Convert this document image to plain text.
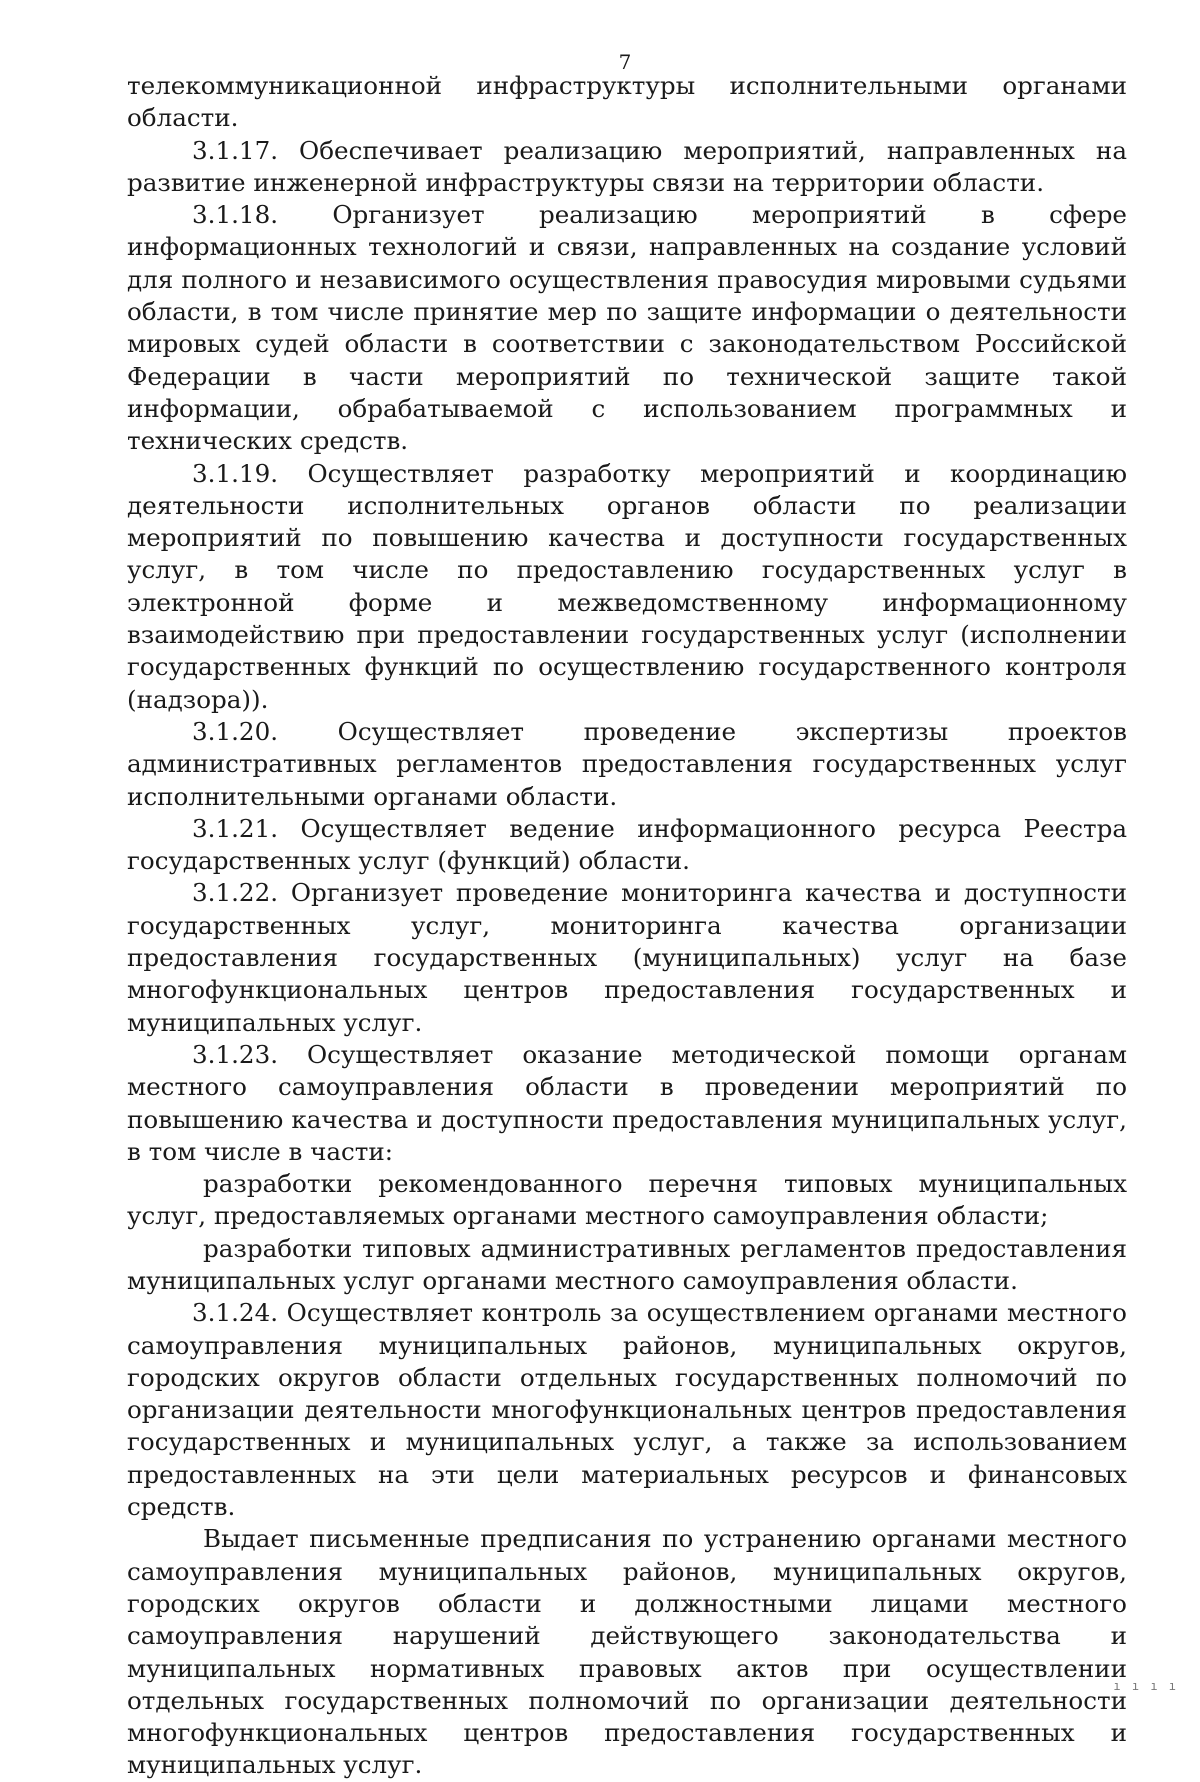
7

телекоммуникационной инфраструктуры исполнительными органами области.

3.1.17. Обеспечивает реализацию мероприятий, направленных на развитие инженерной инфраструктуры связи на территории области.

3.1.18. Организует реализацию мероприятий в сфере информационных технологий и связи, направленных на создание условий для полного и независимого осуществления правосудия мировыми судьями области, в том числе принятие мер по защите информации о деятельности мировых судей области в соответствии с законодательством Российской Федерации в части мероприятий по технической защите такой информации, обрабатываемой с использованием программных и технических средств.

3.1.19. Осуществляет разработку мероприятий и координацию деятельности исполнительных органов области по реализации мероприятий по повышению качества и доступности государственных услуг, в том числе по предоставлению государственных услуг в электронной форме и межведомственному информационному взаимодействию при предоставлении государственных услуг (исполнении государственных функций по осуществлению государственного контроля (надзора)).

3.1.20. Осуществляет проведение экспертизы проектов административных регламентов предоставления государственных услуг исполнительными органами области.

3.1.21. Осуществляет ведение информационного ресурса Реестра государственных услуг (функций) области.

3.1.22. Организует проведение мониторинга качества и доступности государственных услуг, мониторинга качества организации предоставления государственных (муниципальных) услуг на базе многофункциональных центров предоставления государственных и муниципальных услуг.

3.1.23. Осуществляет оказание методической помощи органам местного самоуправления области в проведении мероприятий по повышению качества и доступности предоставления муниципальных услуг, в том числе в части:

разработки рекомендованного перечня типовых муниципальных услуг, предоставляемых органами местного самоуправления области;

разработки типовых административных регламентов предоставления муниципальных услуг органами местного самоуправления области.

3.1.24. Осуществляет контроль за осуществлением органами местного самоуправления муниципальных районов, муниципальных округов, городских округов области отдельных государственных полномочий по организации деятельности многофункциональных центров предоставления государственных и муниципальных услуг, а также за использованием предоставленных на эти цели материальных ресурсов и финансовых средств.

Выдает письменные предписания по устранению органами местного самоуправления муниципальных районов, муниципальных округов, городских округов области и должностными лицами местного самоуправления нарушений действующего законодательства и муниципальных нормативных правовых актов при осуществлении отдельных государственных полномочий по организации деятельности многофункциональных центров предоставления государственных и муниципальных услуг.

ı ı ı ı
